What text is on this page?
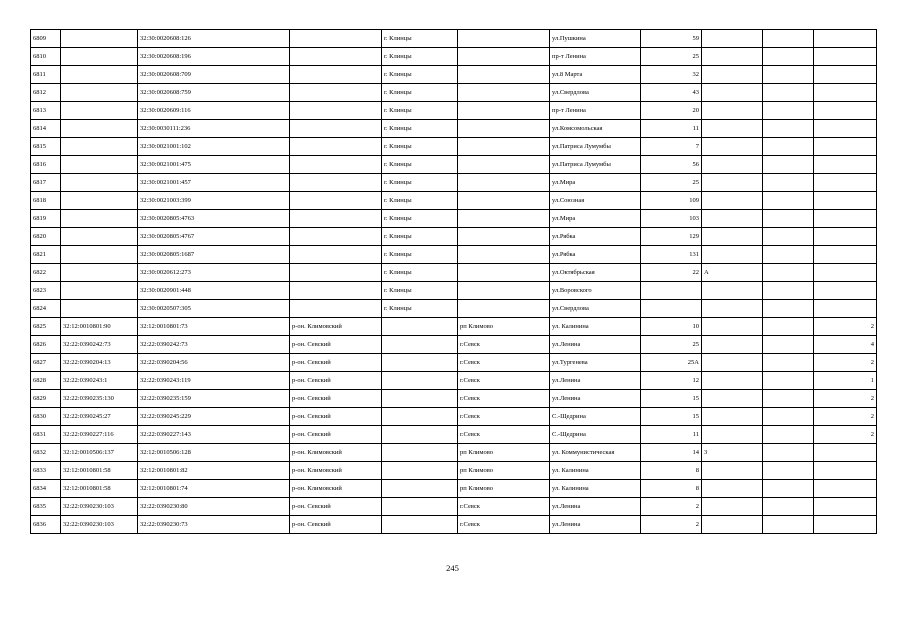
6809		32:30:0020608:126		г. Клинцы		ул.Пушкина	59			
6810		32:30:0020608:196		г. Клинцы		пр-т Ленина	25			
6811		32:30:0020608:709		г. Клинцы		ул.8 Марта	32			
6812		32:30:0020608:759		г. Клинцы		ул.Свердлова	43			
6813		32:30:0020609:116		г. Клинцы		пр-т Ленина	20			
6814		32:30:0030111:236		г. Клинцы		ул.Комсомольская	11			
6815		32:30:0021001:102		г. Клинцы		ул.Патриса Лумумбы	7			
6816		32:30:0021001:475		г. Клинцы		ул.Патриса Лумумбы	56			
6817		32:30:0021001:457		г. Клинцы		ул.Мира	25			
6818		32:30:0021003:399		г. Клинцы		ул.Союзная	109			
6819		32:30:0020805:4763		г. Клинцы		ул.Мира	103			
6820		32:30:0020805:4767		г. Клинцы		ул.Рябка	129			
6821		32:30:0020805:1687		г. Клинцы		ул.Рябка	131			
6822		32:30:0020612:273		г. Клинцы		ул.Октябрьская	22	А		
6823		32:30:0020901:448		г. Клинцы		ул.Воровского				
6824		32:30:0020507:305		г. Клинцы		ул.Свердлова				
6825	32:12:0010801:90	32:12:0010801:73	р-он. Климовский		рп Климово	ул. Калинина	10			2
6826	32:22:0390242:73	32:22:0390242:73	р-он. Севский		г.Севск	ул.Ленина	25			4
6827	32:22:0390204:13	32:22:0390204:56	р-он. Севский		г.Севск	ул.Тургенева	25А			2
6828	32:22:0390243:1	32:22:0390243:119	р-он. Севский		г.Севск	ул.Ленина	12			1
6829	32:22:0390235:130	32:22:0390235:159	р-он. Севский		г.Севск	ул.Ленина	15			2
6830	32:22:0390245:27	32:22:0390245:229	р-он. Севский		г.Севск	С.-Щедрина	15			2
6831	32:22:0390227:116	32:22:0390227:143	р-он. Севский		г.Севск	С.-Щедрина	11			2
6832	32:12:0010506:137	32:12:0010506:128	р-он. Климовский		рп Климово	ул. Коммунистическая	14	3		
6833	32:12:0010801:58	32:12:0010801:82	р-он. Климовский		рп Климово	ул. Калинина	8			
6834	32:12:0010801:58	32:12:0010801:74	р-он. Климовский		рп Климово	ул. Калинина	8			
6835	32:22:0390230:103	32:22:0390230:80	р-он. Севский		г.Севск	ул.Ленина	2			
6836	32:22:0390230:103	32:22:0390230:73	р-он. Севский		г.Севск	ул.Ленина	2			
245
